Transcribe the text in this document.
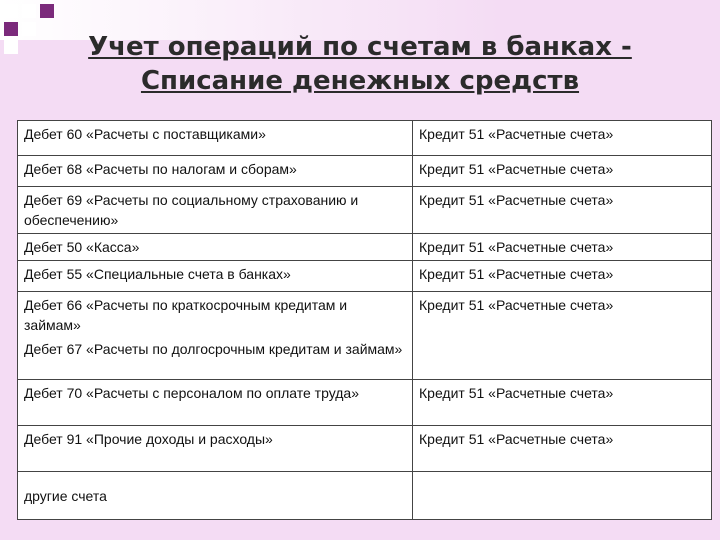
Учет операций по счетам в банках -
Списание денежных средств
Дебет 60 «Расчеты с поставщиками»	Кредит 51 «Расчетные счета»

Дебет 68 «Расчеты по налогам и сборам»	Кредит 51 «Расчетные счета»

Дебет 69 «Расчеты по социальному страхованию и обеспечению»	Кредит 51 «Расчетные счета»

Дебет 50 «Касса»	Кредит 51 «Расчетные счета»

Дебет 55 «Специальные счета в банках»	Кредит 51 «Расчетные счета»

Дебет 66 «Расчеты по краткосрочным кредитам и займам»
Дебет 67 «Расчеты по долгосрочным кредитам и займам»	Кредит 51 «Расчетные счета»

Дебет 70 «Расчеты с персоналом по оплате труда»	Кредит 51 «Расчетные счета»

Дебет 91 «Прочие доходы и расходы»	Кредит 51 «Расчетные счета»

другие счета	
